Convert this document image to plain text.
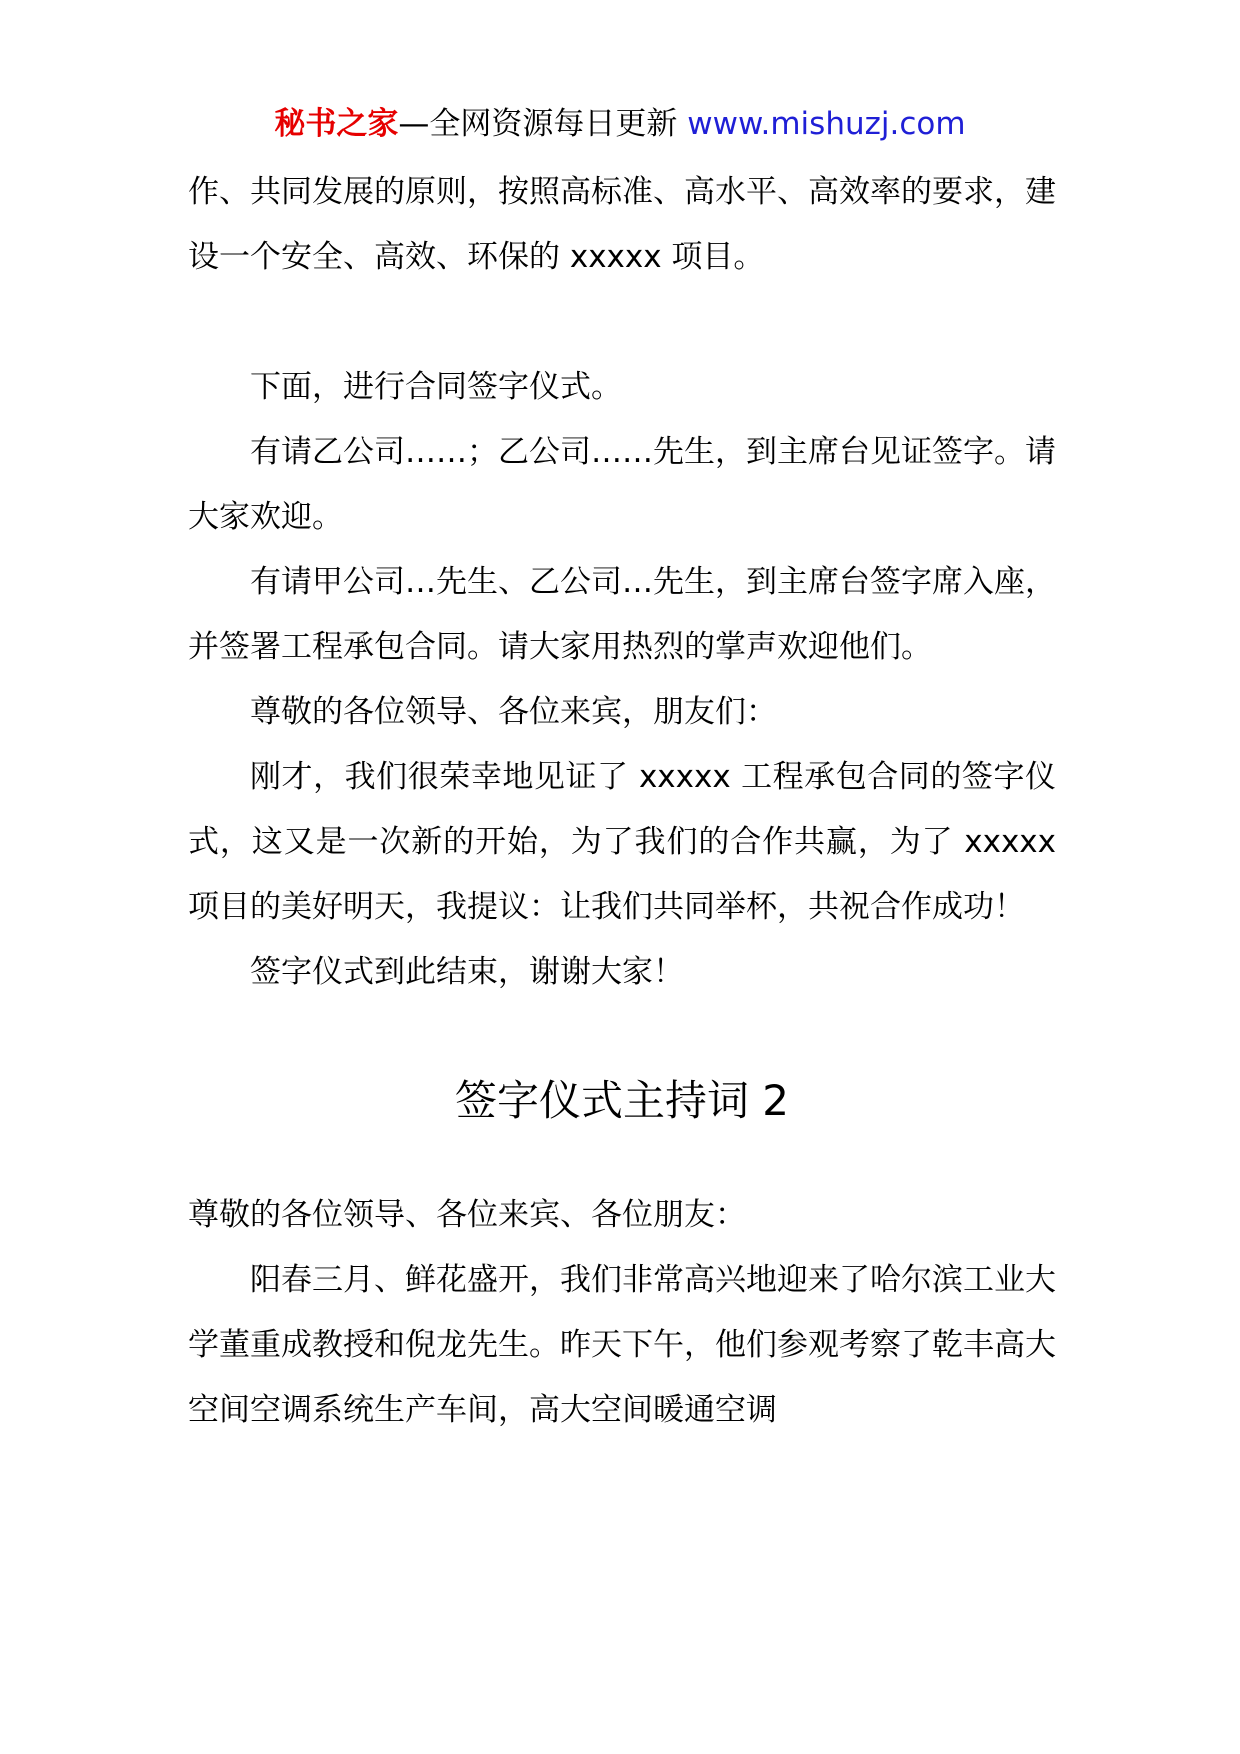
秘书之家—全网资源每日更新 www.mishuzj.com

作、共同发展的原则，按照高标准、高水平、高效率的要求，建设一个安全、高效、环保的 xxxxx 项目。

下面，进行合同签字仪式。

有请乙公司……；乙公司……先生，到主席台见证签字。请大家欢迎。

有请甲公司…先生、乙公司…先生，到主席台签字席入座，并签署工程承包合同。请大家用热烈的掌声欢迎他们。

尊敬的各位领导、各位来宾，朋友们：

刚才，我们很荣幸地见证了 xxxxx 工程承包合同的签字仪式，这又是一次新的开始，为了我们的合作共赢，为了 xxxxx 项目的美好明天，我提议：让我们共同举杯，共祝合作成功！

签字仪式到此结束，谢谢大家！

签字仪式主持词 2

尊敬的各位领导、各位来宾、各位朋友：

阳春三月、鲜花盛开，我们非常高兴地迎来了哈尔滨工业大学董重成教授和倪龙先生。昨天下午，他们参观考察了乾丰高大空间空调系统生产车间，高大空间暖通空调
